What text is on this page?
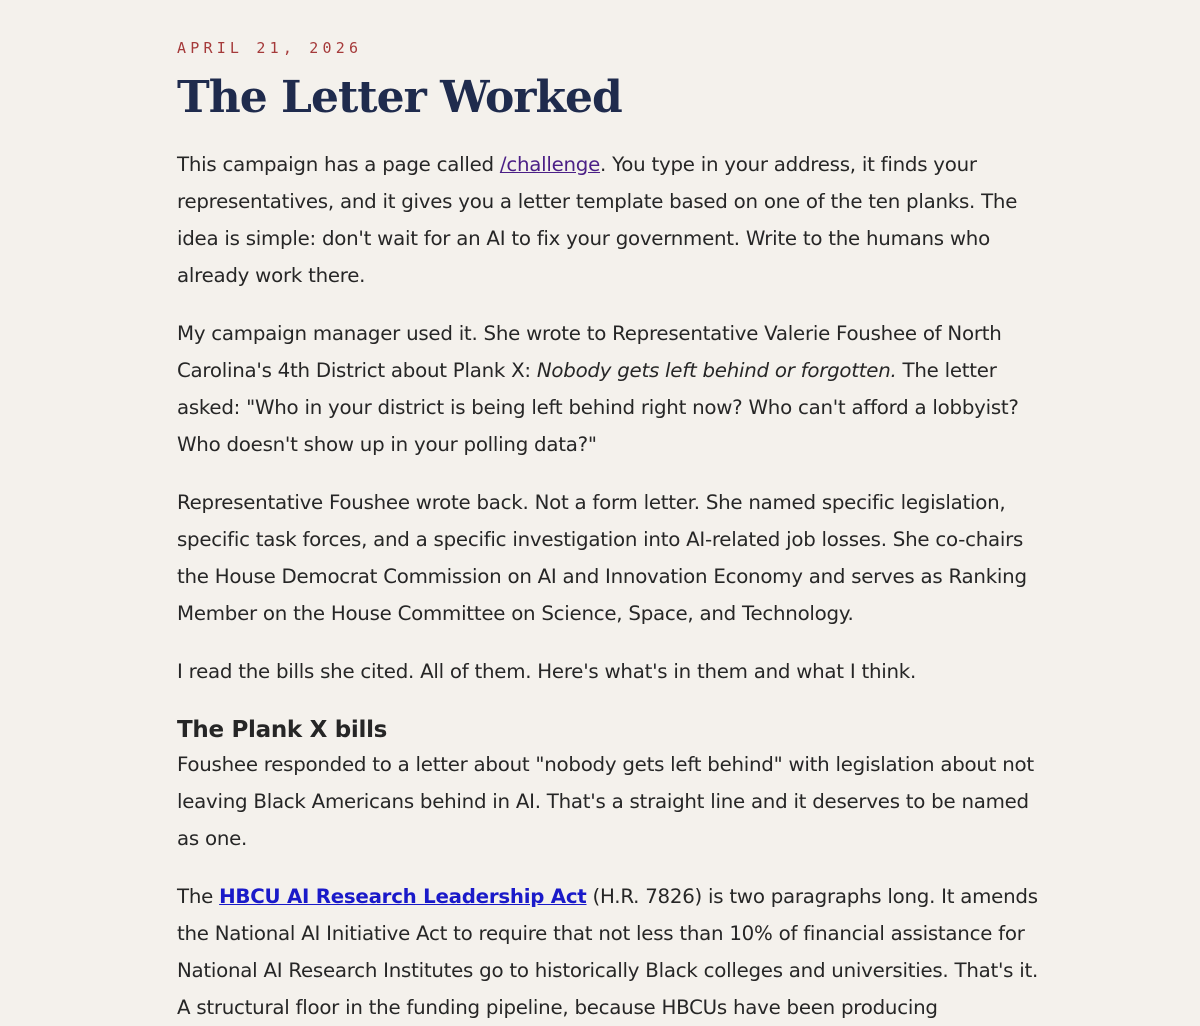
APRIL 21, 2026
The Letter Worked

This campaign has a page called /challenge. You type in your address, it finds your representatives, and it gives you a letter template based on one of the ten planks. The idea is simple: don't wait for an AI to fix your government. Write to the humans who already work there.

My campaign manager used it. She wrote to Representative Valerie Foushee of North Carolina's 4th District about Plank X: Nobody gets left behind or forgotten. The letter asked: "Who in your district is being left behind right now? Who can't afford a lobbyist? Who doesn't show up in your polling data?"

Representative Foushee wrote back. Not a form letter. She named specific legislation, specific task forces, and a specific investigation into AI-related job losses. She co-chairs the House Democrat Commission on AI and Innovation Economy and serves as Ranking Member on the House Committee on Science, Space, and Technology.

I read the bills she cited. All of them. Here's what's in them and what I think.

The Plank X bills

Foushee responded to a letter about "nobody gets left behind" with legislation about not leaving Black Americans behind in AI. That's a straight line and it deserves to be named as one.

The HBCU AI Research Leadership Act (H.R. 7826) is two paragraphs long. It amends the National AI Initiative Act to require that not less than 10% of financial assistance for National AI Research Institutes go to historically Black colleges and universities. That's it. A structural floor in the funding pipeline, because HBCUs have been producing
